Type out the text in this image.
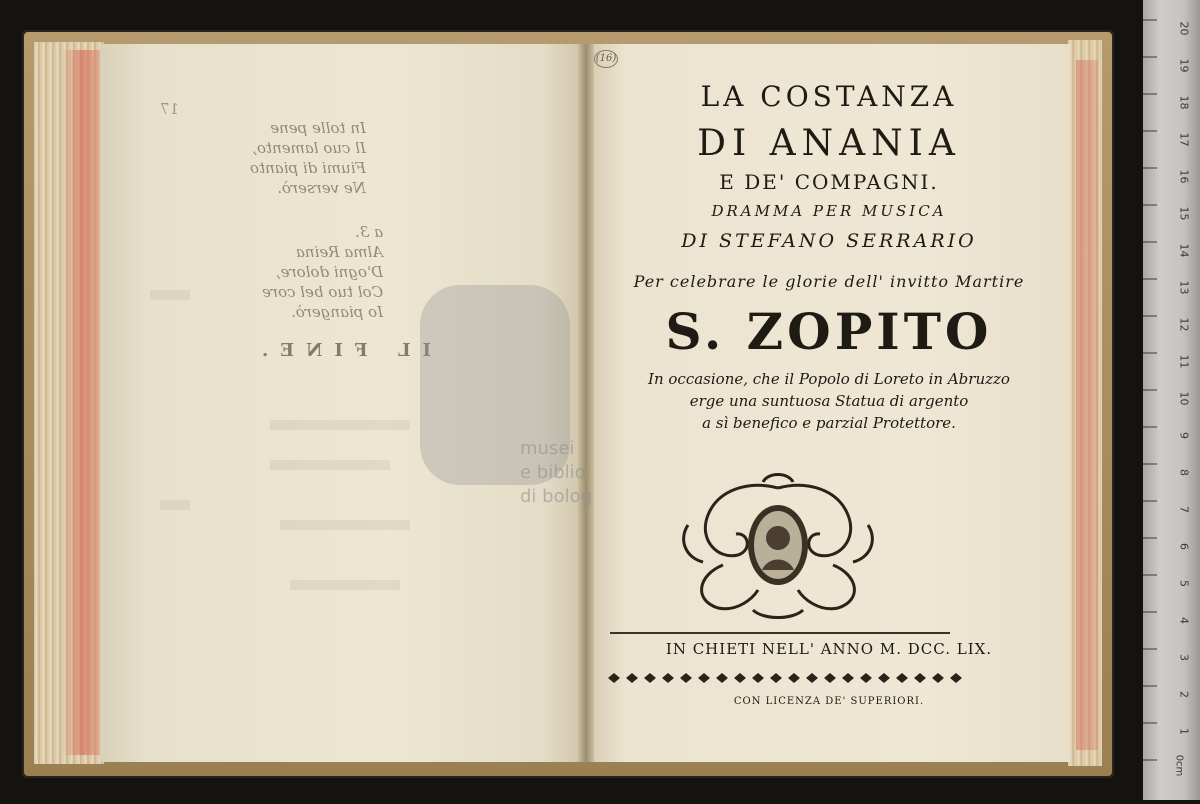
17
In tolle pene
Il cuo lamento,
Fiumi di pianto
Ne verserò.
a 3.
Alma Reina
D'ogni dolore,
Col tuo bel core
Io piangerò.
IL FINE.
musei
e biblio
di bolog
(16)
LA COSTANZA
DI ANANIA
E DE' COMPAGNI.
DRAMMA PER MUSICA
DI STEFANO SERRARIO
Per celebrare le glorie dell' invitto Martire
S. ZOPITO
In occasione, che il Popolo di Loreto in Abruzzo
erge una suntuosa Statua di argento
a sì benefico e parzial Protettore.
IN CHIETI NELL' ANNO M. DCC. LIX.
CON LICENZA DE' SUPERIORI.
20
19
18
17
16
15
14
13
12
11
10
9
8
7
6
5
4
3
2
1
0cm
